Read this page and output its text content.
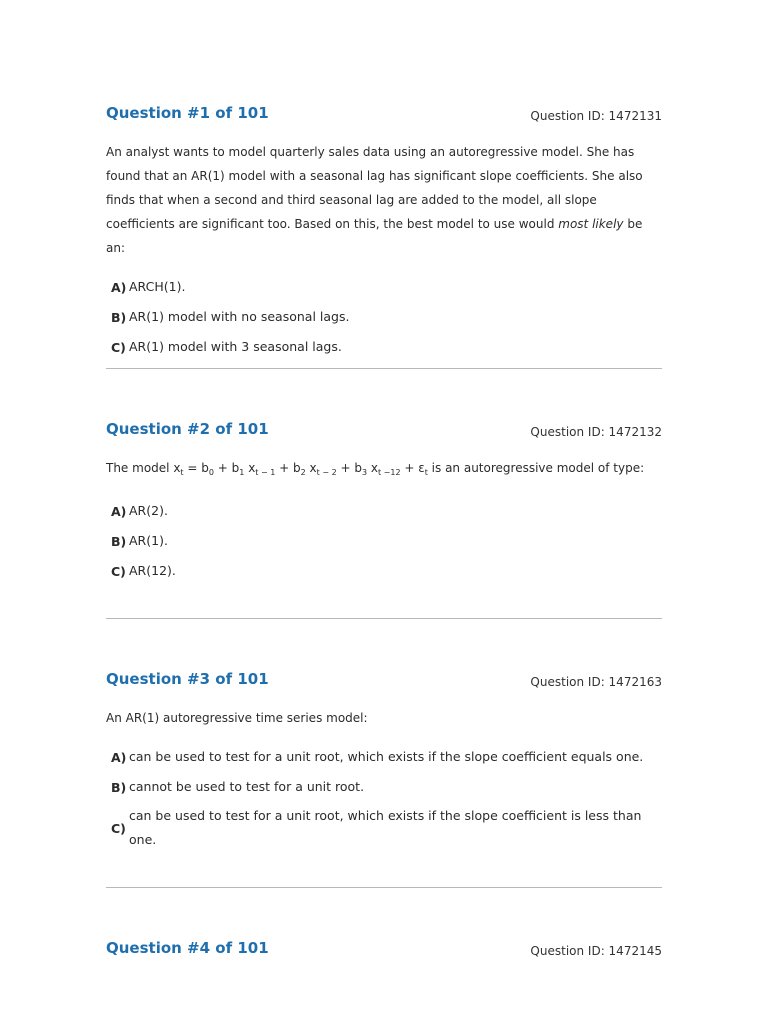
Question #1 of 101	Question ID: 1472131
An analyst wants to model quarterly sales data using an autoregressive model. She has found that an AR(1) model with a seasonal lag has significant slope coefficients. She also finds that when a second and third seasonal lag are added to the model, all slope coefficients are significant too. Based on this, the best model to use would most likely be an:
A) ARCH(1).
B) AR(1) model with no seasonal lags.
C) AR(1) model with 3 seasonal lags.
Question #2 of 101	Question ID: 1472132
The model $x_t = b_0 + b_1$ $x_{t - 1} + b_2$ $x_{t - 2} + b_3$ $x_{t -12} + \varepsilon_t$ is an autoregressive model of type:
A) AR(2).
B) AR(1).
C) AR(12).
Question #3 of 101	Question ID: 1472163
An AR(1) autoregressive time series model:
A) can be used to test for a unit root, which exists if the slope coefficient equals one.
B) cannot be used to test for a unit root.
C)
can be used to test for a unit root, which exists if the slope coefficient is less than one.
Question #4 of 101	Question ID: 1472145
